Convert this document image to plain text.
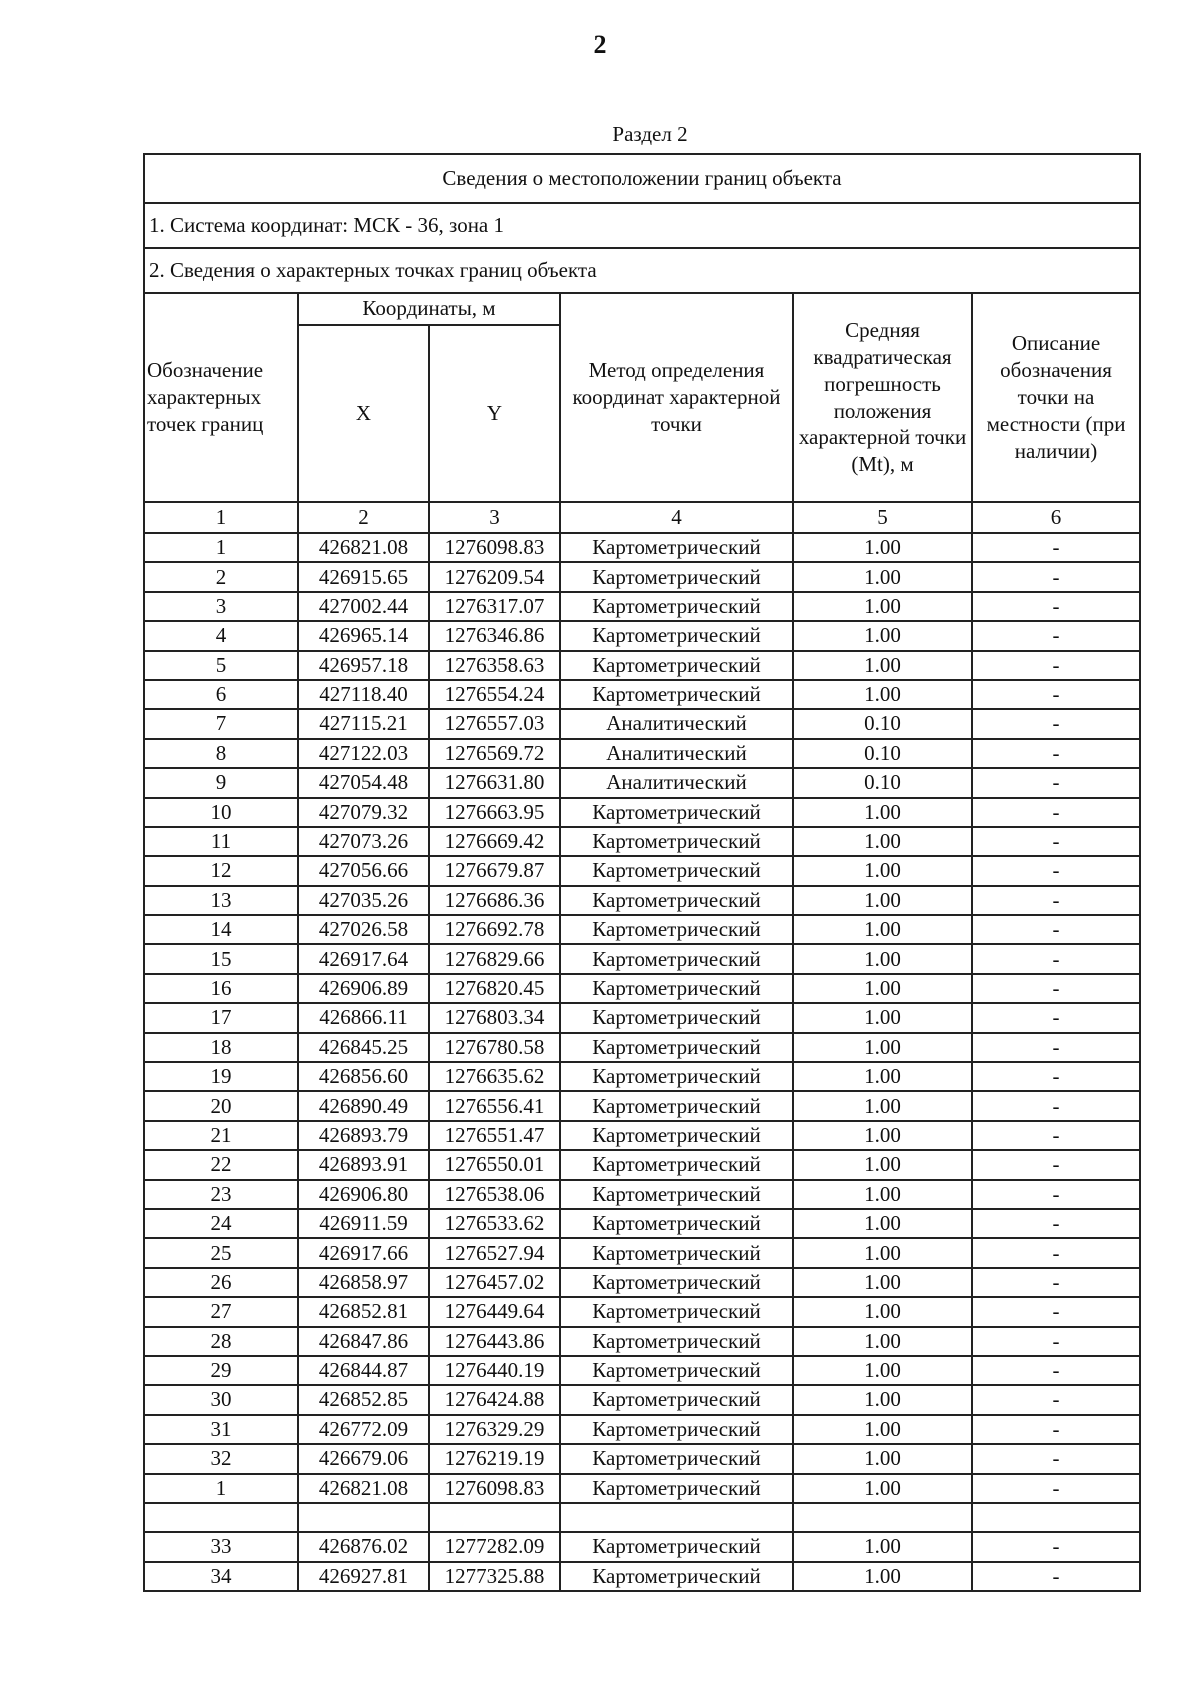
2
Раздел 2
Сведения о местоположении границ объекта					
1. Система координат: МСК - 36, зона 1					
2. Сведения о характерных точках границ объекта					
Обозначение характерных точек границ	Координаты, м		Метод определения координат характерной точки	Средняя квадратическая погрешность положения характерной точки (Mt), м	Описание обозначения точки на местности (при наличии)
	X	Y			
1	2	3	4	5	6
1	426821.08	1276098.83	Картометрический	1.00	-
2	426915.65	1276209.54	Картометрический	1.00	-
3	427002.44	1276317.07	Картометрический	1.00	-
4	426965.14	1276346.86	Картометрический	1.00	-
5	426957.18	1276358.63	Картометрический	1.00	-
6	427118.40	1276554.24	Картометрический	1.00	-
7	427115.21	1276557.03	Аналитический	0.10	-
8	427122.03	1276569.72	Аналитический	0.10	-
9	427054.48	1276631.80	Аналитический	0.10	-
10	427079.32	1276663.95	Картометрический	1.00	-
11	427073.26	1276669.42	Картометрический	1.00	-
12	427056.66	1276679.87	Картометрический	1.00	-
13	427035.26	1276686.36	Картометрический	1.00	-
14	427026.58	1276692.78	Картометрический	1.00	-
15	426917.64	1276829.66	Картометрический	1.00	-
16	426906.89	1276820.45	Картометрический	1.00	-
17	426866.11	1276803.34	Картометрический	1.00	-
18	426845.25	1276780.58	Картометрический	1.00	-
19	426856.60	1276635.62	Картометрический	1.00	-
20	426890.49	1276556.41	Картометрический	1.00	-
21	426893.79	1276551.47	Картометрический	1.00	-
22	426893.91	1276550.01	Картометрический	1.00	-
23	426906.80	1276538.06	Картометрический	1.00	-
24	426911.59	1276533.62	Картометрический	1.00	-
25	426917.66	1276527.94	Картометрический	1.00	-
26	426858.97	1276457.02	Картометрический	1.00	-
27	426852.81	1276449.64	Картометрический	1.00	-
28	426847.86	1276443.86	Картометрический	1.00	-
29	426844.87	1276440.19	Картометрический	1.00	-
30	426852.85	1276424.88	Картометрический	1.00	-
31	426772.09	1276329.29	Картометрический	1.00	-
32	426679.06	1276219.19	Картометрический	1.00	-
1	426821.08	1276098.83	Картометрический	1.00	-

33	426876.02	1277282.09	Картометрический	1.00	-
34	426927.81	1277325.88	Картометрический	1.00	-
